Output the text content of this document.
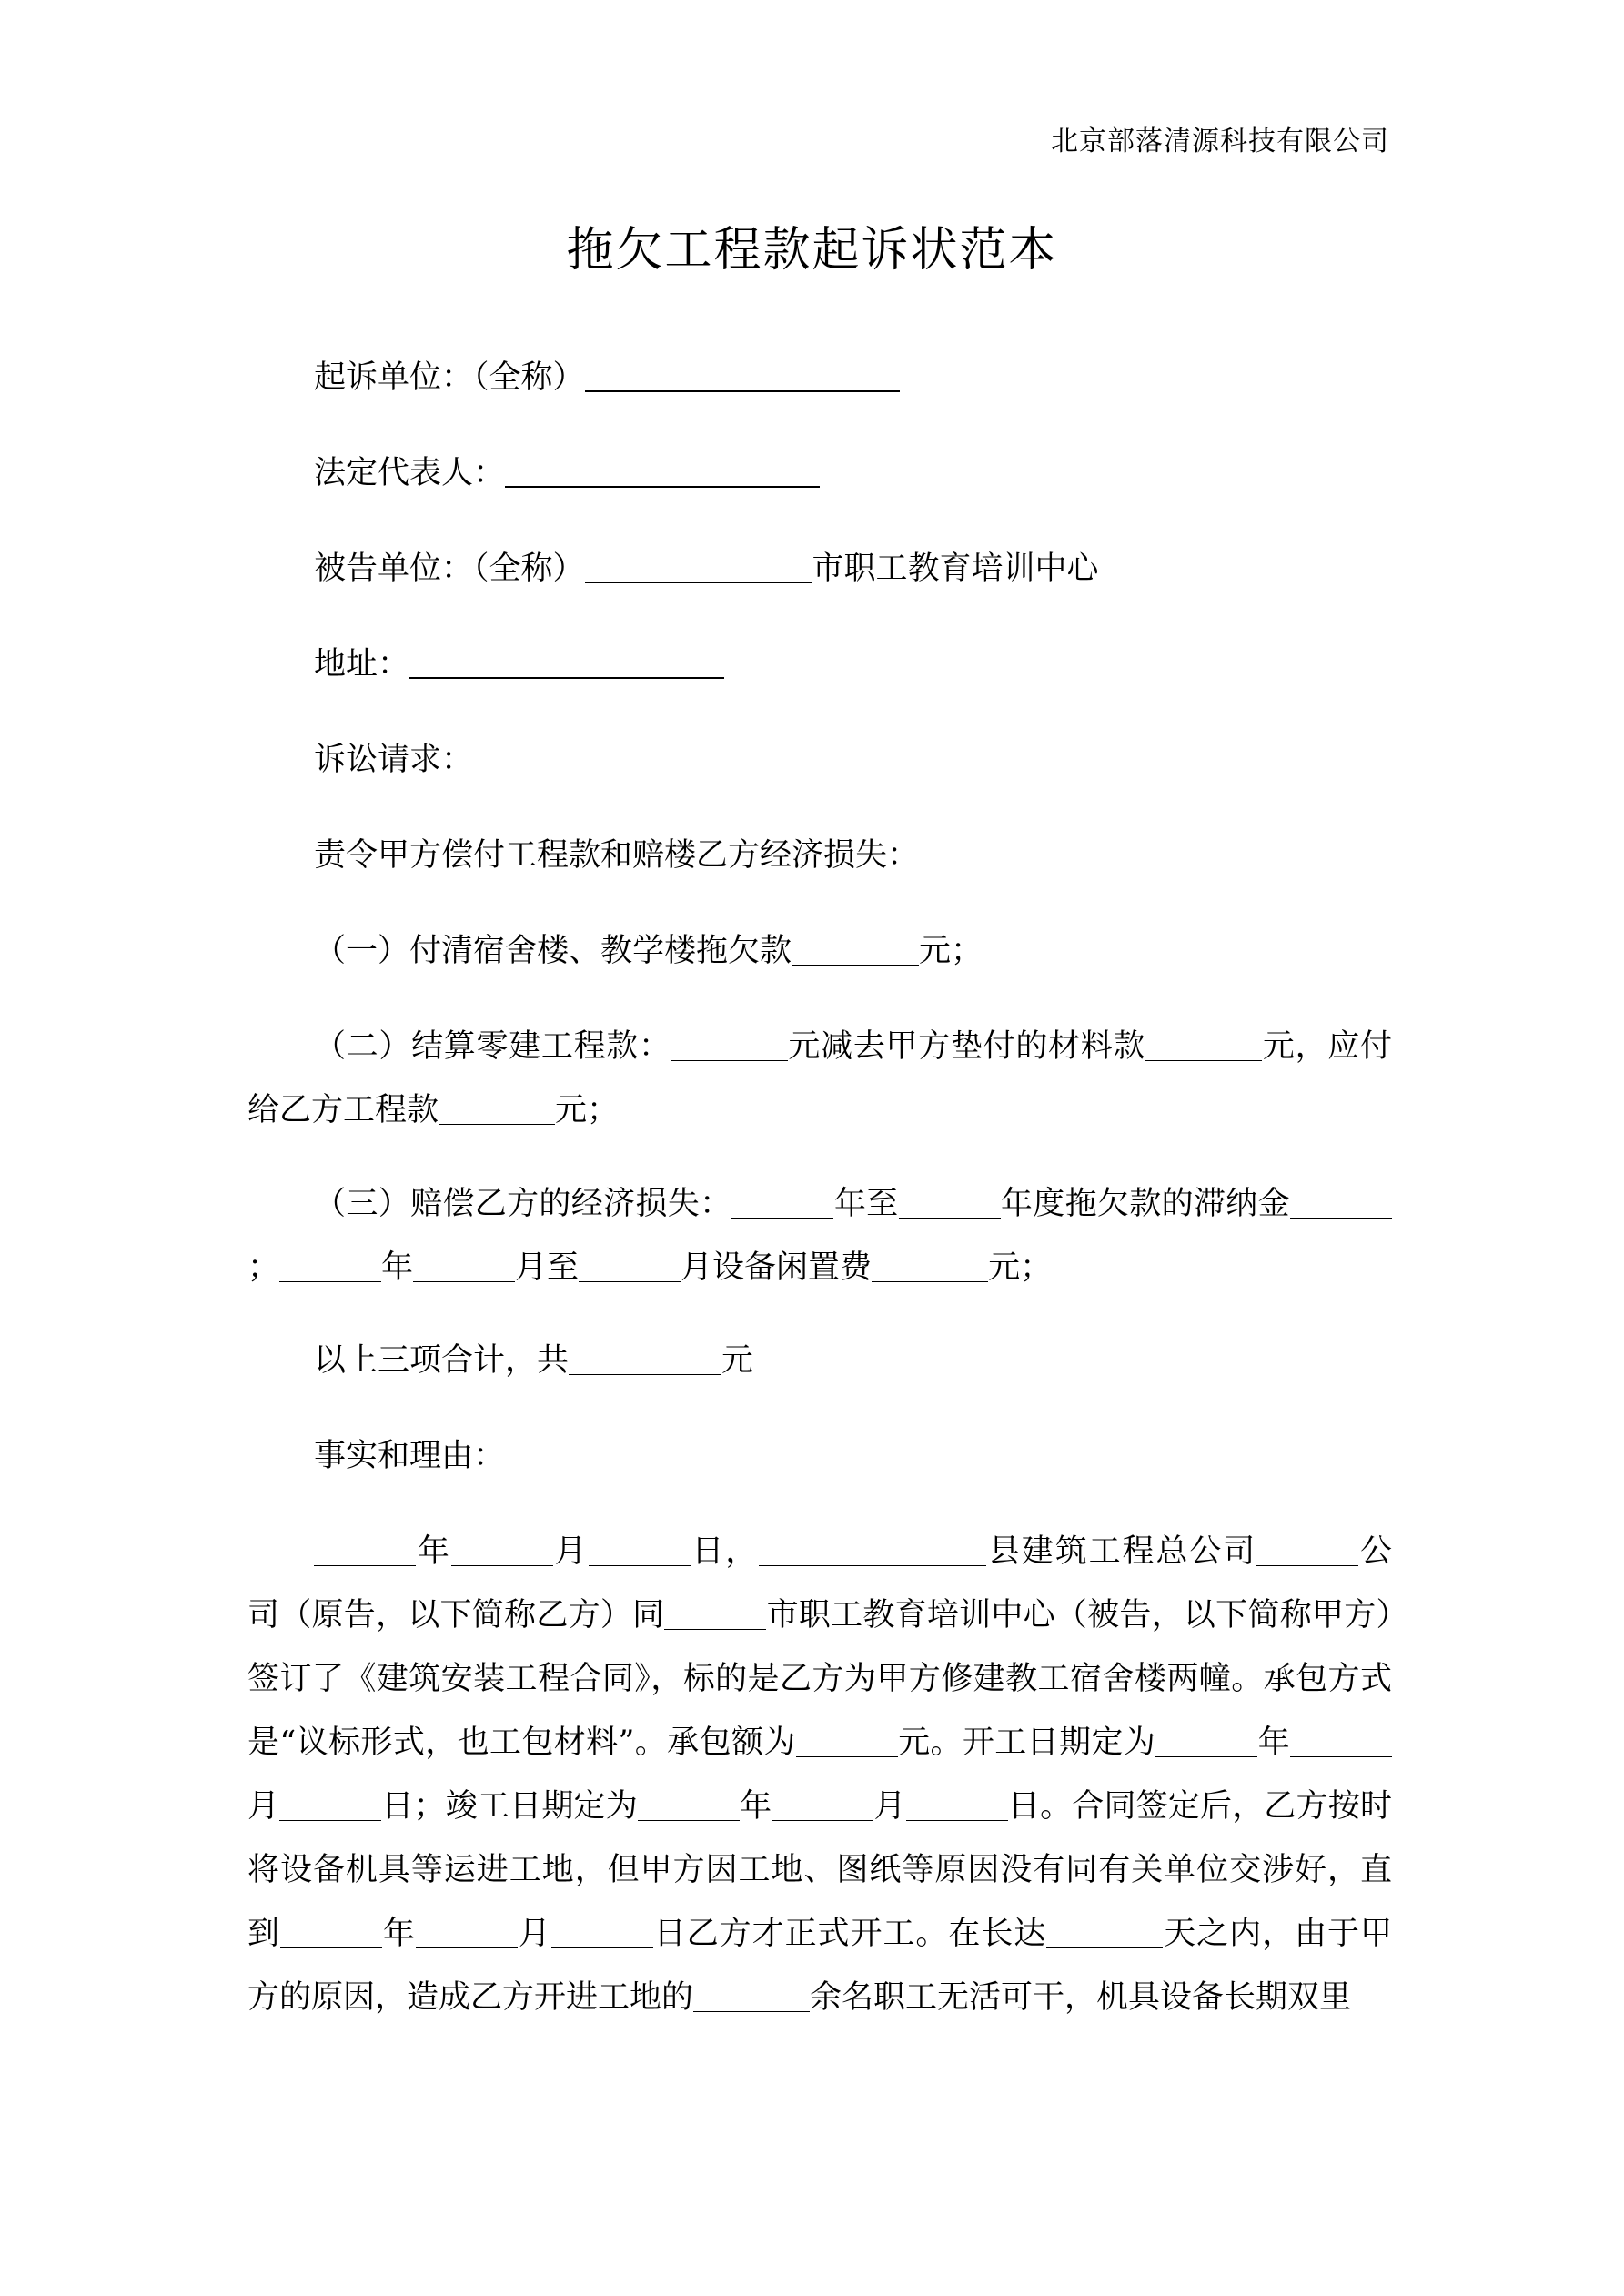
北京部落清源科技有限公司
拖欠工程款起诉状范本
起诉单位：（全称）
法定代表人：
被告单位：（全称）	市职工教育培训中心
地址：
诉讼请求：
责令甲方偿付工程款和赔楼乙方经济损失：
（一）付清宿舍楼、教学楼拖欠款	元；
（二）结算零建工程款：	元减去甲方垫付的材料款	元，应付给乙方工程款	元；
（三）赔偿乙方的经济损失：	年至	年度拖欠款的滞纳金；	年	月至	月设备闲置费	元；
以上三项合计，共	元
事实和理由：
年	月	日，	县建筑工程总公司	公司（原告，以下简称乙方）同	市职工教育培训中心（被告，以下简称甲方）签订了《建筑安装工程合同》，标的是乙方为甲方修建教工宿舍楼两幢。承包方式是“议标形式，也工包材料”。承包额为	元。开工日期定为	年月	日；竣工日期定为	年	月	日。合同签定后，乙方按时将设备机具等运进工地，但甲方因工地、图纸等原因没有同有关单位交涉好，直到	年	月	日乙方才正式开工。在长达	天之内，由于甲方的原因，造成乙方开进工地的	余名职工无活可干，机具设备长期双里
